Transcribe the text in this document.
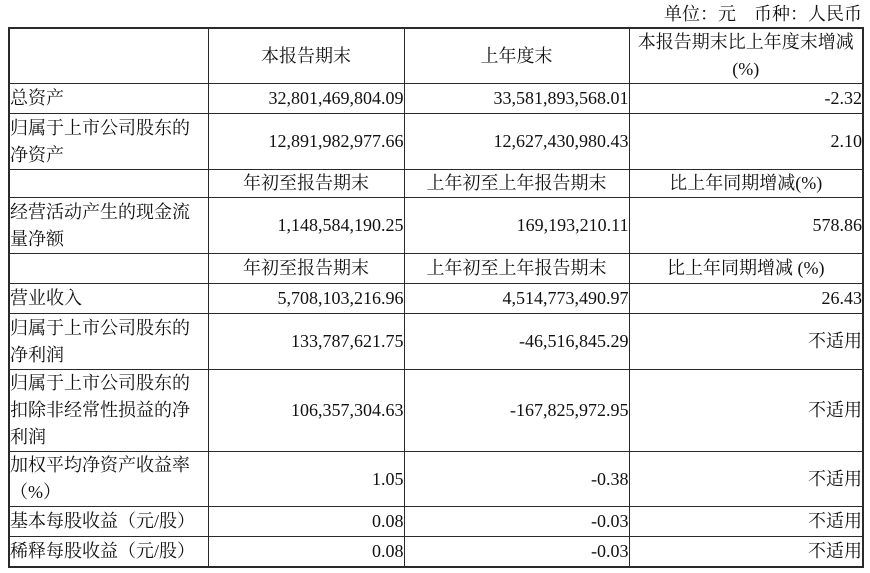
单位：元　币种：人民币
	本报告期末	上年度末	本报告期末比上年度末增减(%)
总资产	32,801,469,804.09	33,581,893,568.01	-2.32
归属于上市公司股东的净资产	12,891,982,977.66	12,627,430,980.43	2.10
	年初至报告期末	上年初至上年报告期末	比上年同期增减(%)
经营活动产生的现金流量净额	1,148,584,190.25	169,193,210.11	578.86
	年初至报告期末	上年初至上年报告期末	比上年同期增减 (%)
营业收入	5,708,103,216.96	4,514,773,490.97	26.43
归属于上市公司股东的净利润	133,787,621.75	-46,516,845.29	不适用
归属于上市公司股东的扣除非经常性损益的净利润	106,357,304.63	-167,825,972.95	不适用
加权平均净资产收益率（%）	1.05	-0.38	不适用
基本每股收益（元/股）	0.08	-0.03	不适用
稀释每股收益（元/股）	0.08	-0.03	不适用
